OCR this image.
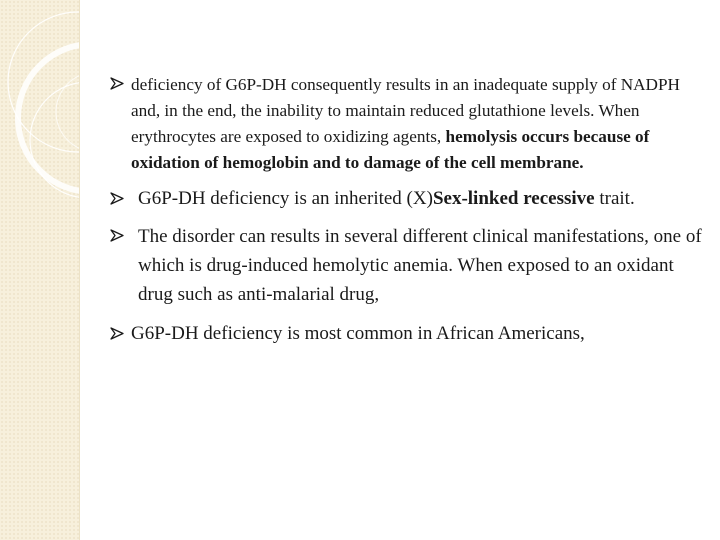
deficiency of G6P-DH consequently results in an inadequate supply of NADPH and, in the end, the inability to maintain reduced glutathione levels. When erythrocytes are exposed to oxidizing agents, hemolysis occurs because of oxidation of hemoglobin and to damage of the cell membrane.
G6P-DH deficiency is an inherited (X)Sex-linked recessive trait.
The disorder can results in several different clinical manifestations, one of which is drug-induced hemolytic anemia. When exposed to an oxidant drug such as anti-malarial drug,
G6P-DH deficiency is most common in African Americans,
